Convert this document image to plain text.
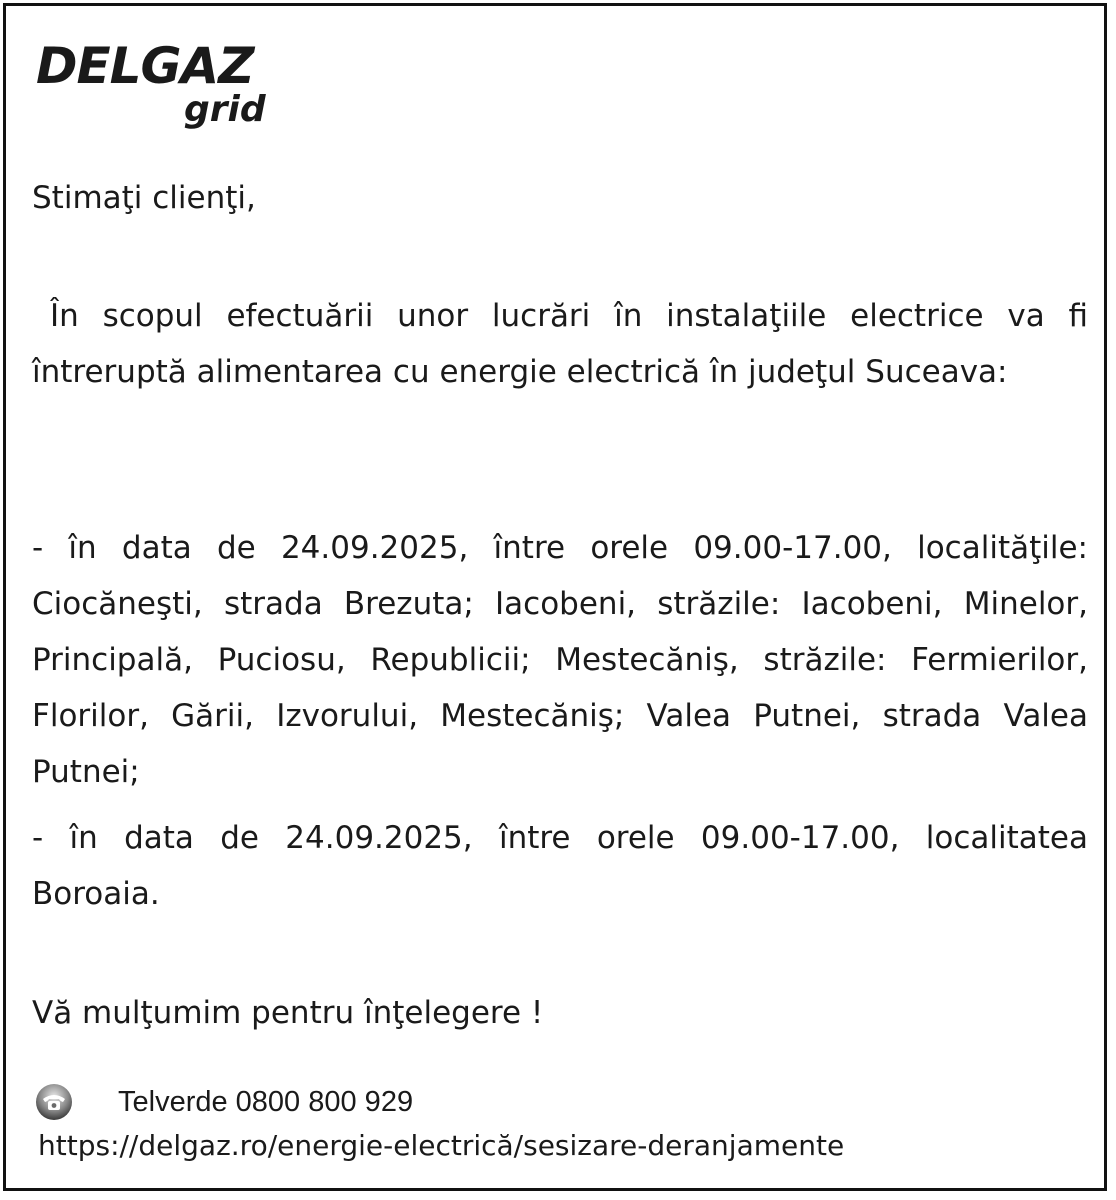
DELGAZ
grid

Stimaţi clienţi,

În scopul efectuării unor lucrări în instalaţiile electrice va fi întreruptă alimentarea cu energie electrică în judeţul Suceava:

- în data de 24.09.2025, între orele 09.00-17.00, localităţile: Ciocăneşti, strada Brezuta; Iacobeni, străzile: Iacobeni, Minelor, Principală, Puciosu, Republicii; Mestecăniş, străzile: Fermierilor, Florilor, Gării, Izvorului, Mestecăniş; Valea Putnei, strada Valea Putnei;

- în data de 24.09.2025, între orele 09.00-17.00, localitatea Boroaia.

Vă mulţumim pentru înţelegere !

Telverde 0800 800 929
https://delgaz.ro/energie-electrică/sesizare-deranjamente
